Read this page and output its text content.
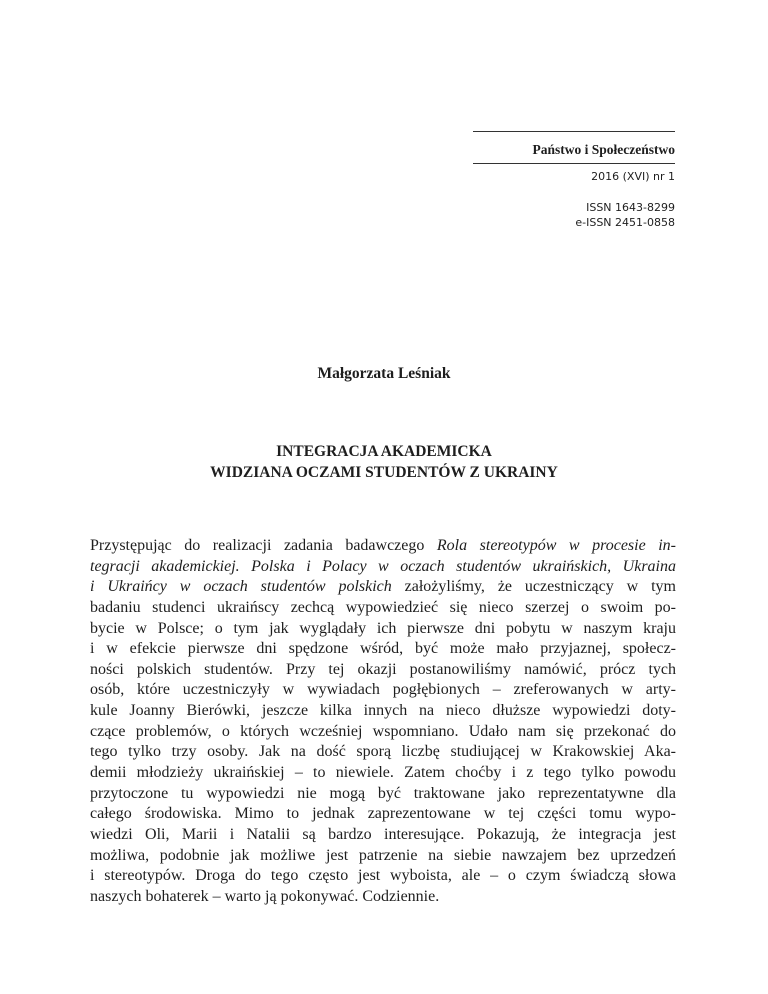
Państwo i Społeczeństwo
2016 (XVI) nr 1
ISSN 1643-8299
e-ISSN 2451-0858
Małgorzata Leśniak
INTEGRACJA AKADEMICKA
WIDZIANA OCZAMI STUDENTÓW Z UKRAINY
Przystępując do realizacji zadania badawczego Rola stereotypów w procesie in-
tegracji akademickiej. Polska i Polacy w oczach studentów ukraińskich, Ukraina
i Ukraińcy w oczach studentów polskich założyliśmy, że uczestniczący w tym
badaniu studenci ukraińscy zechcą wypowiedzieć się nieco szerzej o swoim po-
bycie w Polsce; o tym jak wyglądały ich pierwsze dni pobytu w naszym kraju
i w efekcie pierwsze dni spędzone wśród, być może mało przyjaznej, społecz-
ności polskich studentów. Przy tej okazji postanowiliśmy namówić, prócz tych
osób, które uczestniczyły w wywiadach pogłębionych – zreferowanych w arty-
kule Joanny Bierówki, jeszcze kilka innych na nieco dłuższe wypowiedzi doty-
czące problemów, o których wcześniej wspomniano. Udało nam się przekonać do
tego tylko trzy osoby. Jak na dość sporą liczbę studiującej w Krakowskiej Aka-
demii młodzieży ukraińskiej – to niewiele. Zatem choćby i z tego tylko powodu
przytoczone tu wypowiedzi nie mogą być traktowane jako reprezentatywne dla
całego środowiska. Mimo to jednak zaprezentowane w tej części tomu wypo-
wiedzi Oli, Marii i Natalii są bardzo interesujące. Pokazują, że integracja jest
możliwa, podobnie jak możliwe jest patrzenie na siebie nawzajem bez uprzedzeń
i stereotypów. Droga do tego często jest wyboista, ale – o czym świadczą słowa
naszych bohaterek – warto ją pokonywać. Codziennie.
